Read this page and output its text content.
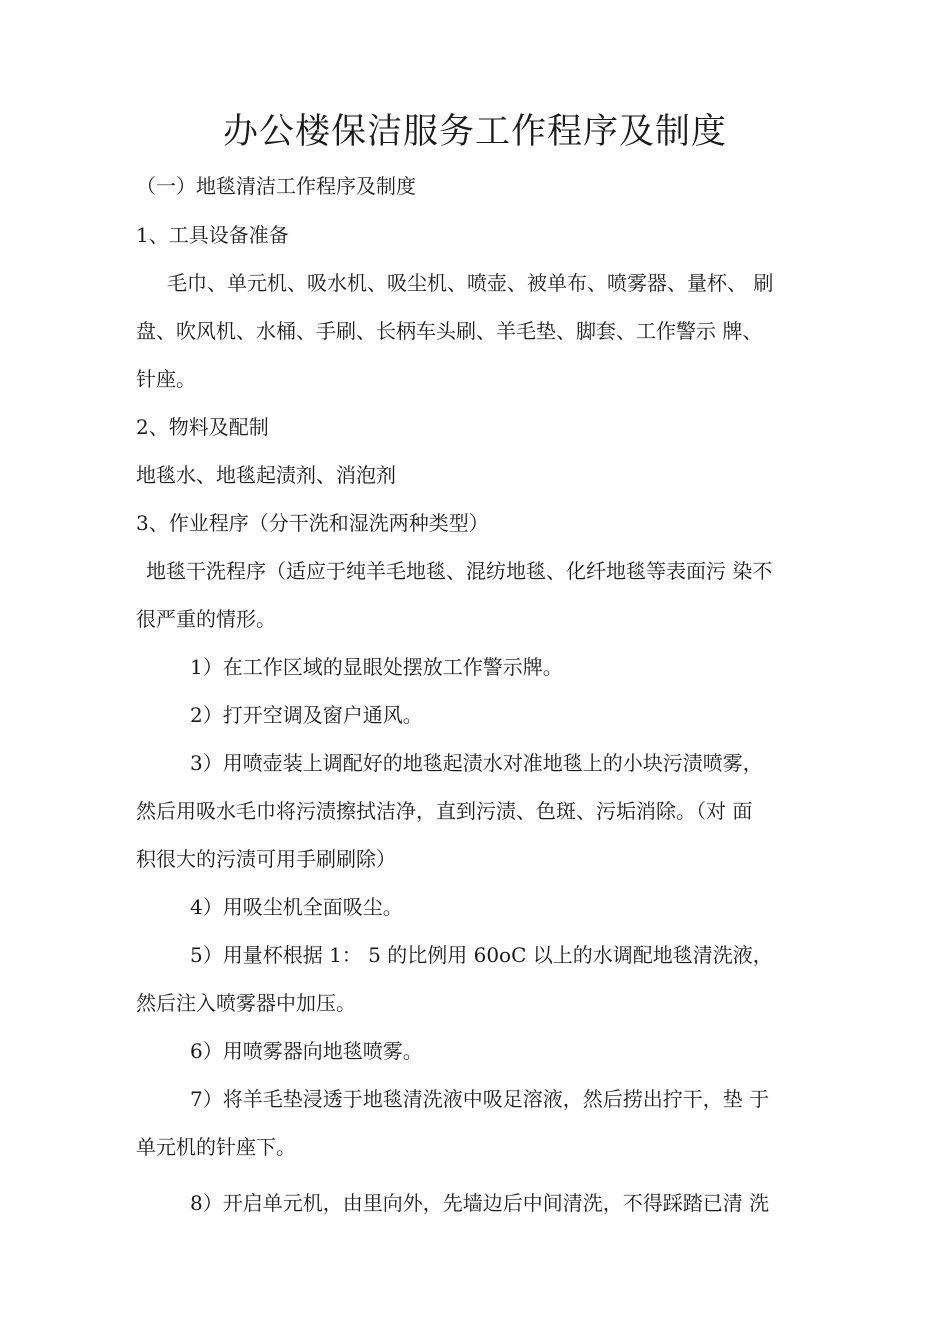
办公楼保洁服务工作程序及制度
（一）地毯清洁工作程序及制度
1、工具设备准备
毛巾、单元机、吸水机、吸尘机、喷壶、被单布、喷雾器、量杯、 刷
盘、吹风机、水桶、手刷、长柄车头刷、羊毛垫、脚套、工作警示 牌、
针座。
2、物料及配制
地毯水、地毯起渍剂、消泡剂
3、作业程序（分干洗和湿洗两种类型）
地毯干洗程序（适应于纯羊毛地毯、混纺地毯、化纤地毯等表面污 染不
很严重的情形。
1）在工作区域的显眼处摆放工作警示牌。
2）打开空调及窗户通风。
3）用喷壶装上调配好的地毯起渍水对准地毯上的小块污渍喷雾，
然后用吸水毛巾将污渍擦拭洁净，直到污渍、色斑、污垢消除。（对 面
积很大的污渍可用手刷刷除）
4）用吸尘机全面吸尘。
5）用量杯根据 1： 5 的比例用 60oC 以上的水调配地毯清洗液，
然后注入喷雾器中加压。
6）用喷雾器向地毯喷雾。
7）将羊毛垫浸透于地毯清洗液中吸足溶液，然后捞出拧干，垫 于
单元机的针座下。
8）开启单元机，由里向外，先墙边后中间清洗，不得踩踏已清 洗
